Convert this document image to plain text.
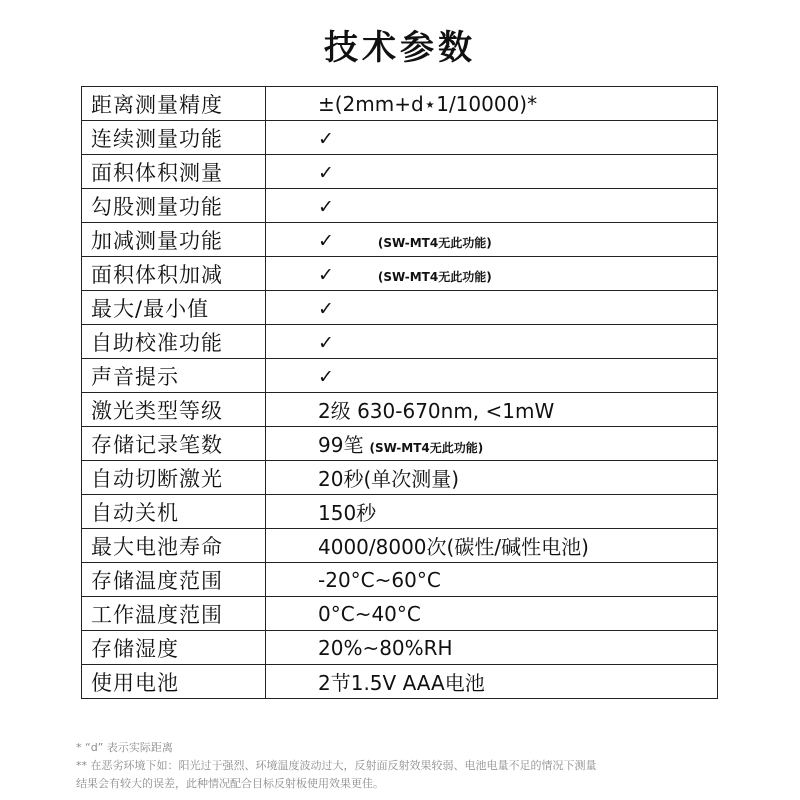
技术参数
距离测量精度	±(2mm+d⋆1/10000)*
连续测量功能	✓
面积体积测量	✓
勾股测量功能	✓
加减测量功能	✓ (SW-MT4无此功能)
面积体积加减	✓ (SW-MT4无此功能)
最大/最小值	✓
自助校准功能	✓
声音提示	✓
激光类型等级	2级 630-670nm, <1mW
存储记录笔数	99笔 (SW-MT4无此功能)
自动切断激光	20秒(单次测量)
自动关机	150秒
最大电池寿命	4000/8000次(碳性/碱性电池)
存储温度范围	-20°C~60°C
工作温度范围	0°C~40°C
存储湿度	20%~80%RH
使用电池	2节1.5V AAA电池
* “d” 表示实际距离
** 在恶劣环境下如：阳光过于强烈、环境温度波动过大，反射面反射效果较弱、电池电量不足的情况下测量
结果会有较大的误差，此种情况配合目标反射板使用效果更佳。
